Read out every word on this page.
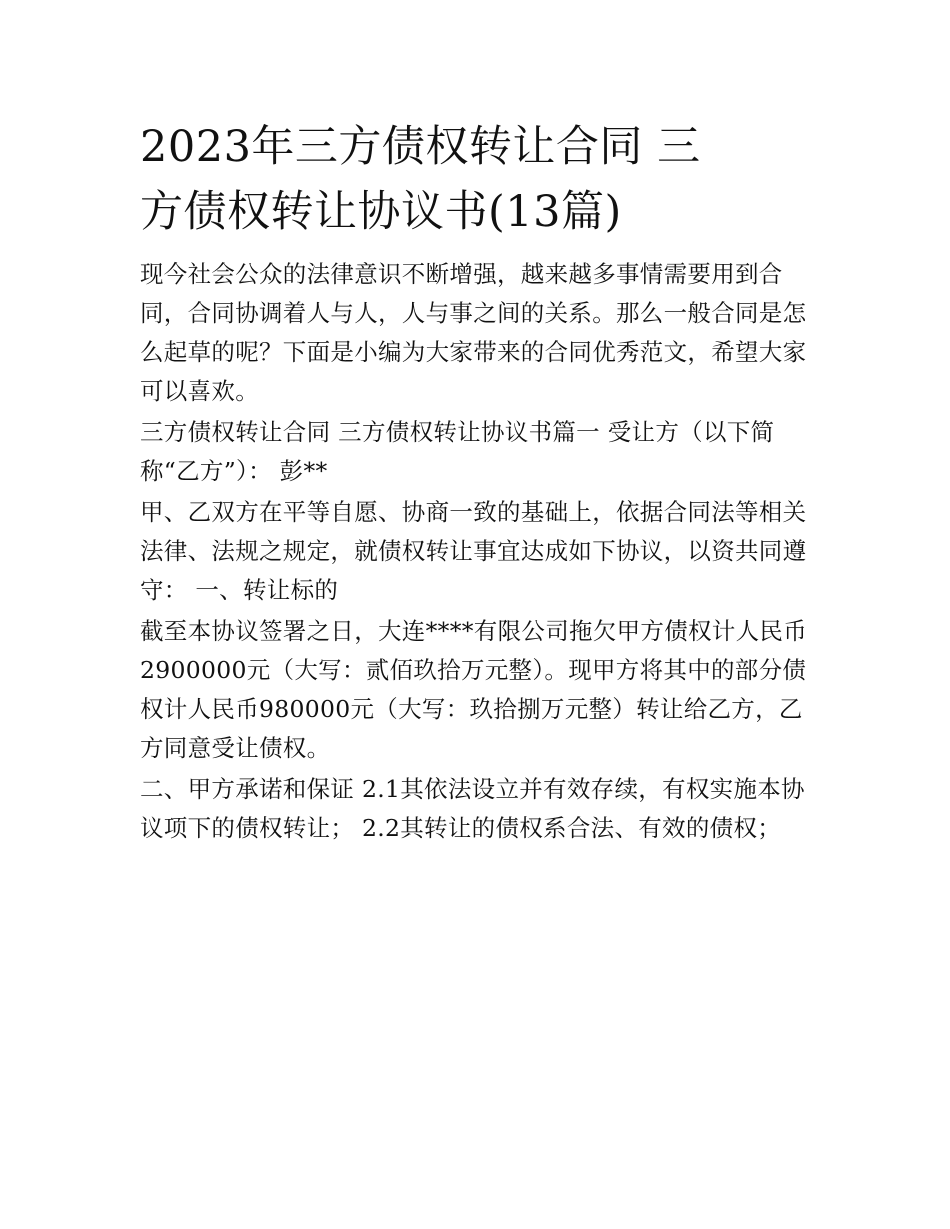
2023年三方债权转让合同 三
方债权转让协议书(13篇)

现今社会公众的法律意识不断增强，越来越多事情需要用到合同，合同协调着人与人，人与事之间的关系。那么一般合同是怎么起草的呢？下面是小编为大家带来的合同优秀范文，希望大家可以喜欢。

三方债权转让合同 三方债权转让协议书篇一 受让方（以下简称“乙方”）： 彭**

甲、乙双方在平等自愿、协商一致的基础上，依据合同法等相关法律、法规之规定，就债权转让事宜达成如下协议，以资共同遵守： 一、转让标的

截至本协议签署之日，大连****有限公司拖欠甲方债权计人民币2900000元（大写：贰佰玖拾万元整）。现甲方将其中的部分债权计人民币980000元（大写：玖拾捌万元整）转让给乙方，乙方同意受让债权。

二、甲方承诺和保证 2.1其依法设立并有效存续，有权实施本协议项下的债权转让； 2.2其转让的债权系合法、有效的债权；
